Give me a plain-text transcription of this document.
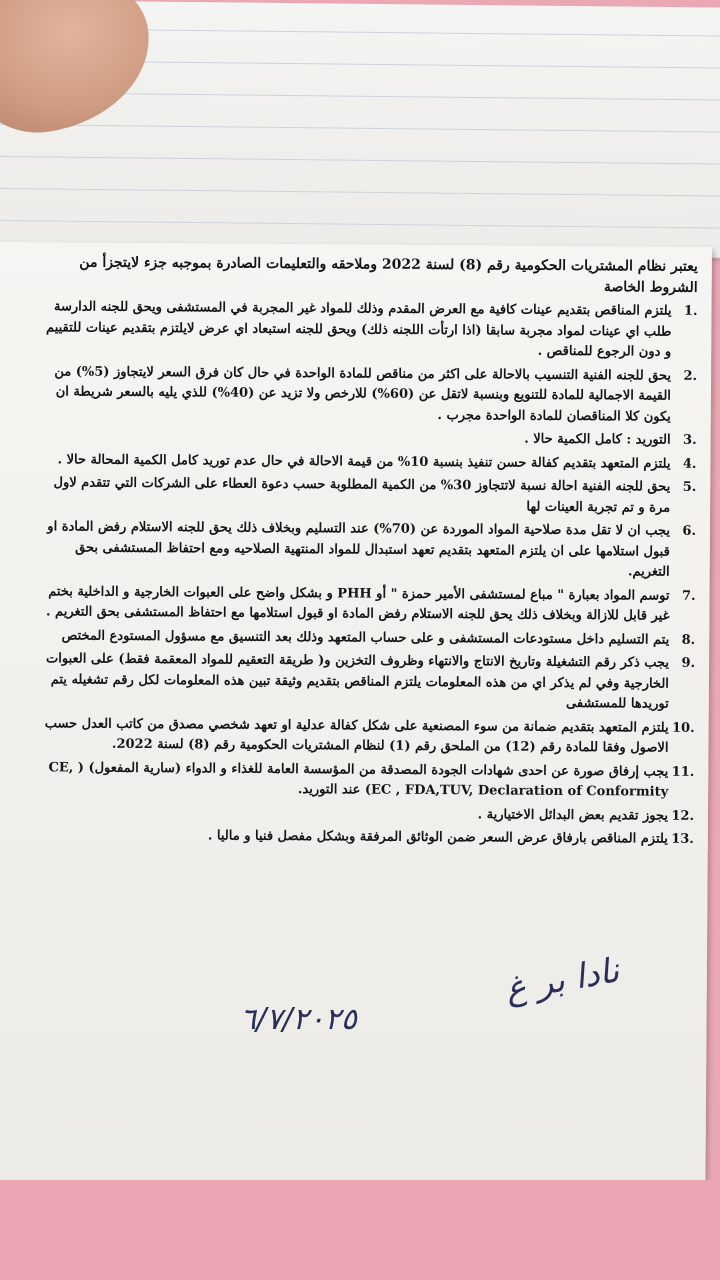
يعتبر نظام المشتريات الحكومية رقم (8) لسنة 2022 وملاحقه والتعليمات الصادرة بموجبه جزء لايتجزأ من الشروط الخاصة

1.
يلتزم المناقص بتقديم عينات كافية مع العرض المقدم وذلك للمواد غير المجربة في المستشفى ويحق للجنه الدارسة طلب اي عينات لمواد مجربة سابقا (اذا ارتأت اللجنه ذلك) ويحق للجنه استبعاد اي عرض لايلتزم بتقديم عينات للتقييم و دون الرجوع للمناقص .
2.
يحق للجنه الفنية التنسيب بالاحالة على اكثر من مناقص للمادة الواحدة في حال كان فرق السعر لايتجاوز (5%) من القيمة الاجمالية للمادة للتنويع وبنسبة لاتقل عن (60%) للارخص ولا تزيد عن (40%) للذي يليه بالسعر شريطة ان يكون كلا المناقصان للمادة الواحدة مجرب .
3.
التوريد : كامل الكمية حالا .
4.
يلتزم المتعهد بتقديم كفالة حسن تنفيذ بنسبة 10% من قيمة الاحالة في حال عدم توريد كامل الكمية المحالة حالا .
5.
يحق للجنه الفنية احالة نسبة لاتتجاوز 30% من الكمية المطلوبة حسب دعوة العطاء على الشركات التي تتقدم لاول مرة و تم تجربة العينات لها
6.
يجب ان لا تقل مدة صلاحية المواد الموردة عن (70%) عند التسليم وبخلاف ذلك يحق للجنه الاستلام رفض المادة او قبول استلامها على ان يلتزم المتعهد بتقديم تعهد استبدال للمواد المنتهية الصلاحيه ومع احتفاظ المستشفى بحق التغريم.
7.
توسم المواد بعبارة " مباع لمستشفى الأمير حمزة " أو PHH و بشكل واضح على العبوات الخارجية و الداخلية بختم غير قابل للازالة وبخلاف ذلك يحق للجنه الاستلام رفض المادة او قبول استلامها مع احتفاظ المستشفى بحق التغريم .
8.
يتم التسليم داخل مستودعات المستشفى و على حساب المتعهد وذلك بعد التنسيق مع مسؤول المستودع المختص
9.
يجب ذكر رقم التشغيلة وتاريخ الانتاج والانتهاء وظروف التخزين و( طريقة التعقيم للمواد المعقمة فقط) على العبوات الخارجية وفي لم يذكر اي من هذه المعلومات يلتزم المناقص بتقديم وثيقة تبين هذه المعلومات لكل رقم تشغيله يتم توريدها للمستشفى
10.
يلتزم المتعهد بتقديم ضمانة من سوء المصنعية على شكل كفالة عدلية او تعهد شخصي مصدق من كاتب العدل حسب الاصول وفقا للمادة رقم (12) من الملحق رقم (1) لنظام المشتريات الحكومية رقم (8) لسنة 2022.
11.
يجب إرفاق صورة عن احدى شهادات الجودة المصدقة من المؤسسة العامة للغذاء و الدواء (سارية المفعول) ( CE, (EC , FDA,TUV, Declaration of Conformity عند التوريد.
12.
يجوز تقديم بعض البدائل الاختيارية .
13.
يلتزم المناقص بارفاق عرض السعر ضمن الوثائق المرفقة وبشكل مفصل فنيا و ماليا .
نادا بر غ
٦/٧/٢٠٢٥
